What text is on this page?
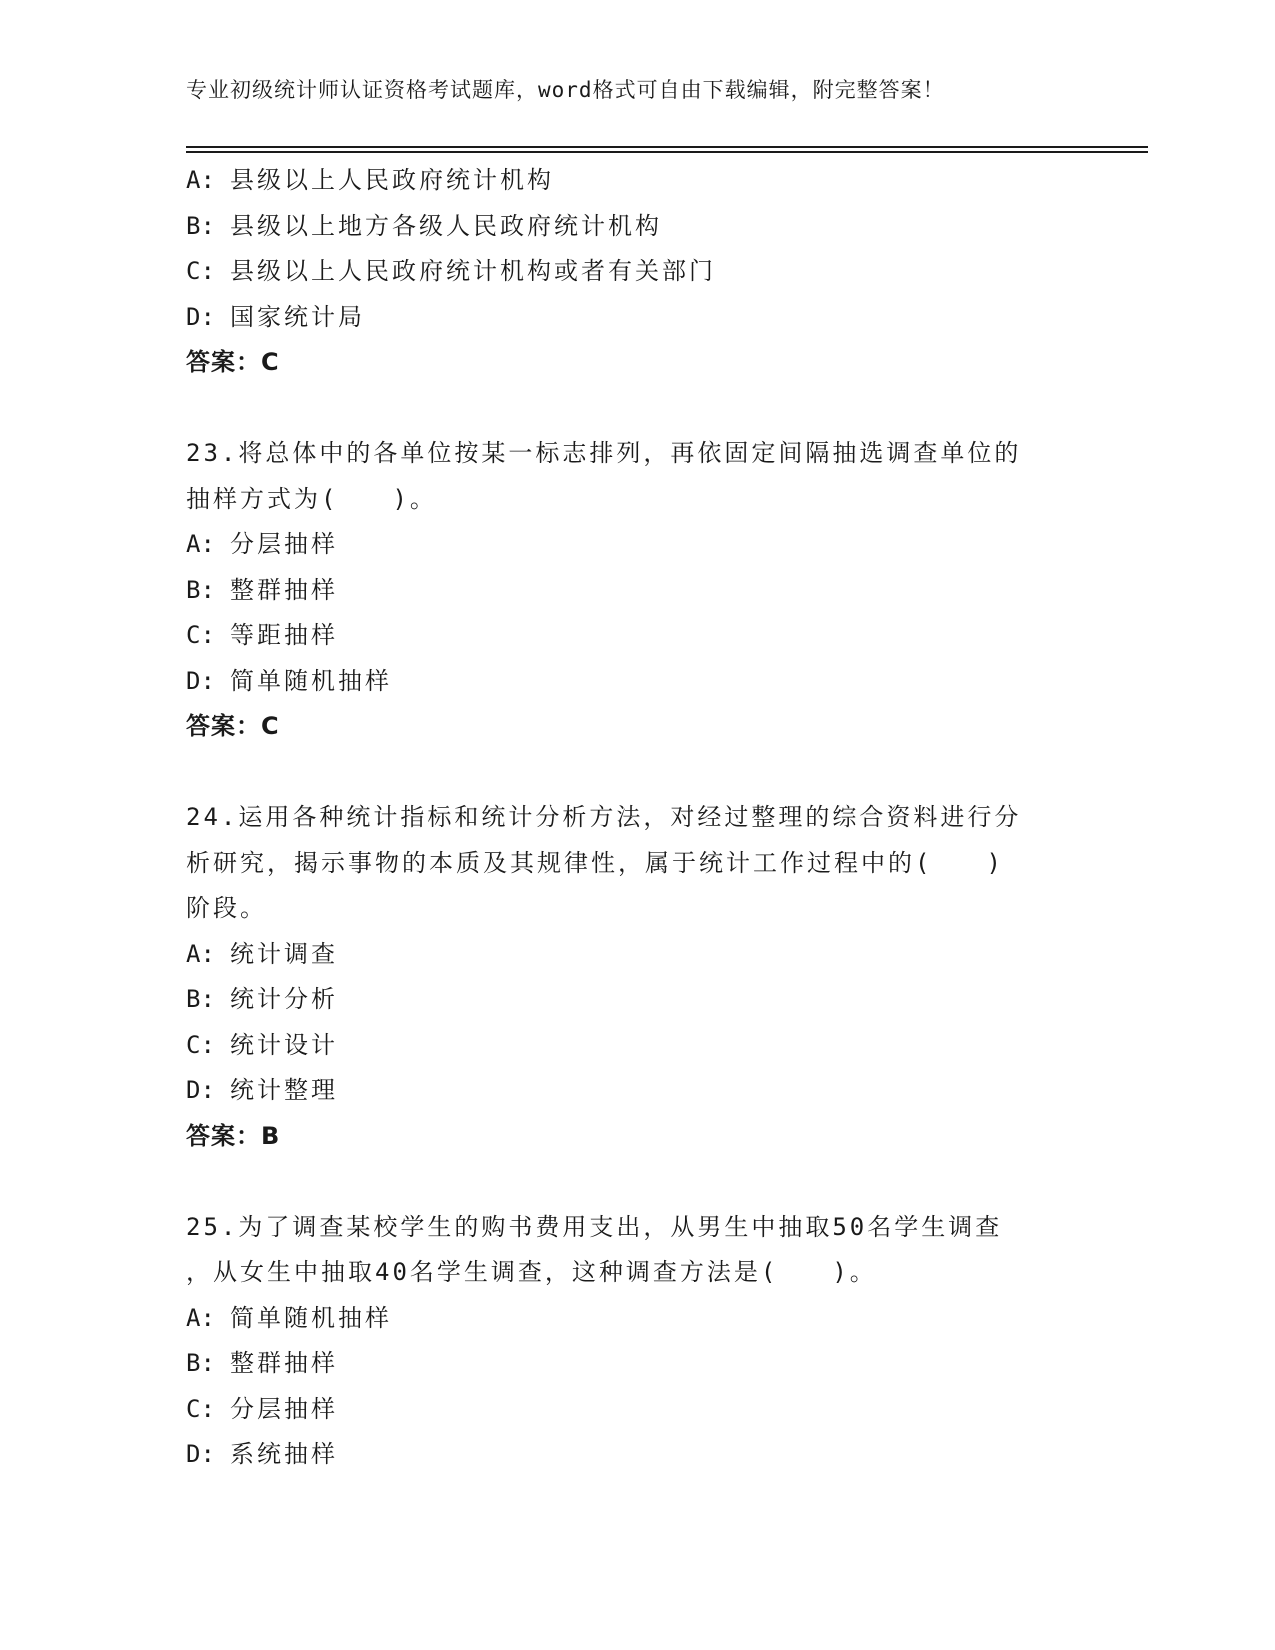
专业初级统计师认证资格考试题库，word格式可自由下载编辑，附完整答案！
A: 县级以上人民政府统计机构
B: 县级以上地方各级人民政府统计机构
C: 县级以上人民政府统计机构或者有关部门
D: 国家统计局
答案：C
23.将总体中的各单位按某一标志排列，再依固定间隔抽选调查单位的
抽样方式为(　　)。
A: 分层抽样
B: 整群抽样
C: 等距抽样
D: 简单随机抽样
答案：C
24.运用各种统计指标和统计分析方法，对经过整理的综合资料进行分
析研究，揭示事物的本质及其规律性，属于统计工作过程中的(　　)
阶段。
A: 统计调查
B: 统计分析
C: 统计设计
D: 统计整理
答案：B
25.为了调查某校学生的购书费用支出，从男生中抽取50名学生调查
，从女生中抽取40名学生调查，这种调查方法是(　　)。
A: 简单随机抽样
B: 整群抽样
C: 分层抽样
D: 系统抽样
